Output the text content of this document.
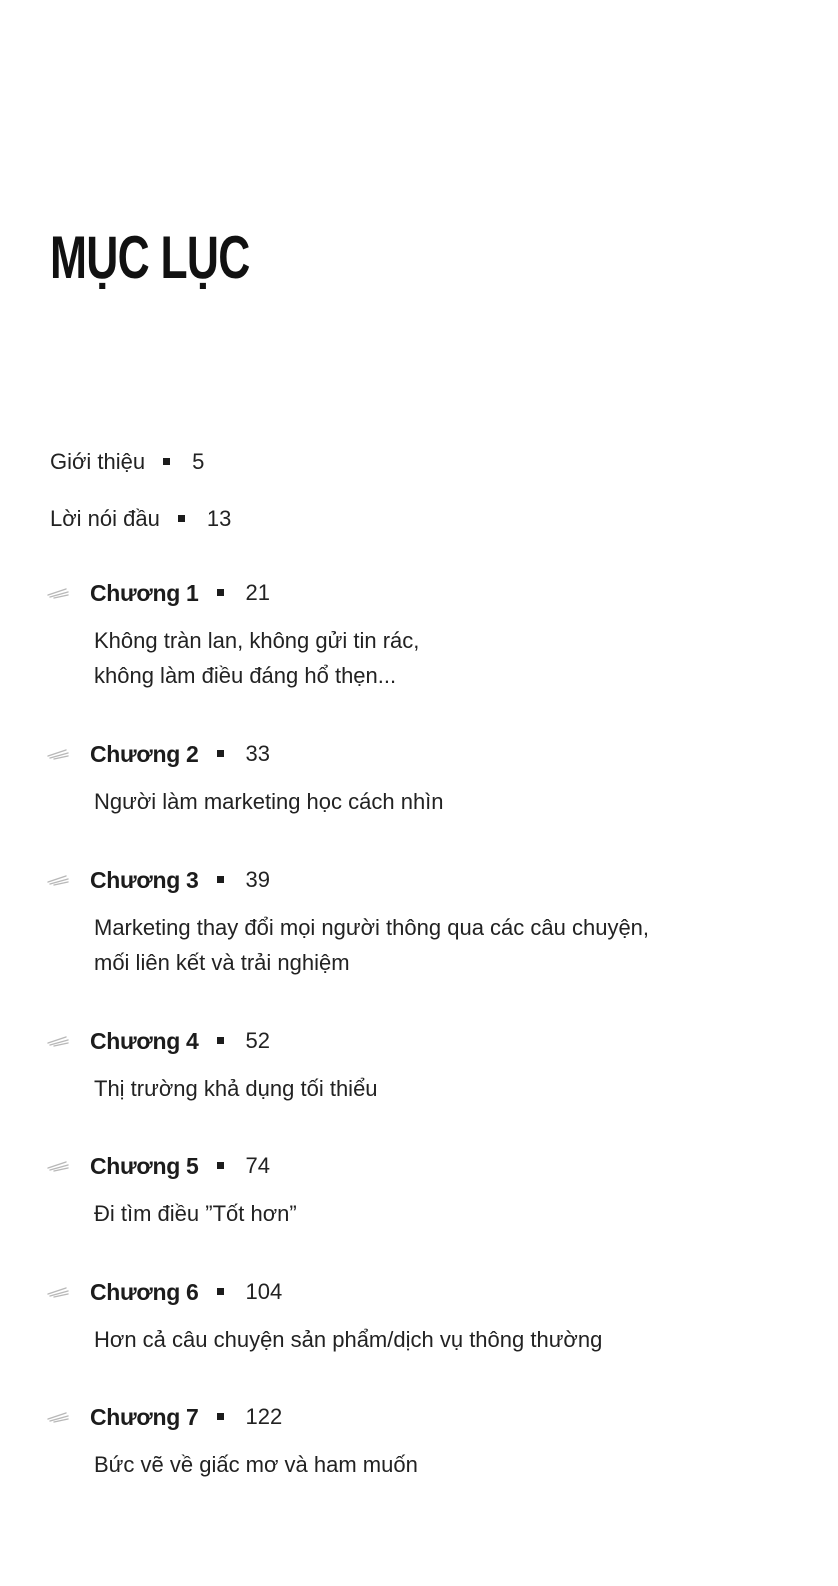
MỤC LỤC
Giới thiệu 5
Lời nói đầu 13
Chương 1 21
Không tràn lan, không gửi tin rác,
không làm điều đáng hổ thẹn...
Chương 2 33
Người làm marketing học cách nhìn
Chương 3 39
Marketing thay đổi mọi người thông qua các câu chuyện,
mối liên kết và trải nghiệm
Chương 4 52
Thị trường khả dụng tối thiểu
Chương 5 74
Đi tìm điều ”Tốt hơn”
Chương 6 104
Hơn cả câu chuyện sản phẩm/dịch vụ thông thường
Chương 7 122
Bức vẽ về giấc mơ và ham muốn
